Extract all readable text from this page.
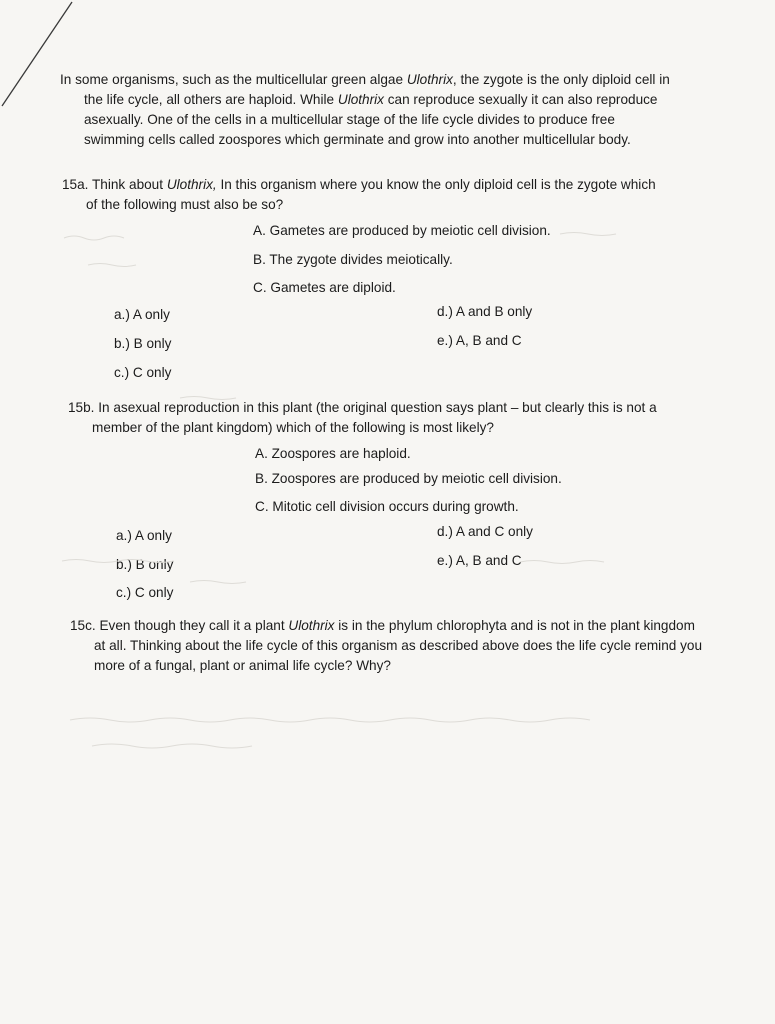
In some organisms, such as the multicellular green algae Ulothrix, the zygote is the only diploid cell in
the life cycle, all others are haploid. While Ulothrix can reproduce sexually it can also reproduce
asexually. One of the cells in a multicellular stage of the life cycle divides to produce free
swimming cells called zoospores which germinate and grow into another multicellular body.
15a. Think about Ulothrix, In this organism where you know the only diploid cell is the zygote which
of the following must also be so?
A. Gametes are produced by meiotic cell division.
B. The zygote divides meiotically.
C. Gametes are diploid.
a.) A only
b.) B only
c.) C only
d.) A and B only
e.) A, B and C
15b. In asexual reproduction in this plant (the original question says plant – but clearly this is not a
member of the plant kingdom) which of the following is most likely?
A. Zoospores are haploid.
B. Zoospores are produced by meiotic cell division.
C. Mitotic cell division occurs during growth.
a.) A only
b.) B only
c.) C only
d.) A and C only
e.) A, B and C
15c. Even though they call it a plant Ulothrix is in the phylum chlorophyta and is not in the plant kingdom
at all. Thinking about the life cycle of this organism as described above does the life cycle remind you
more of a fungal, plant or animal life cycle? Why?
